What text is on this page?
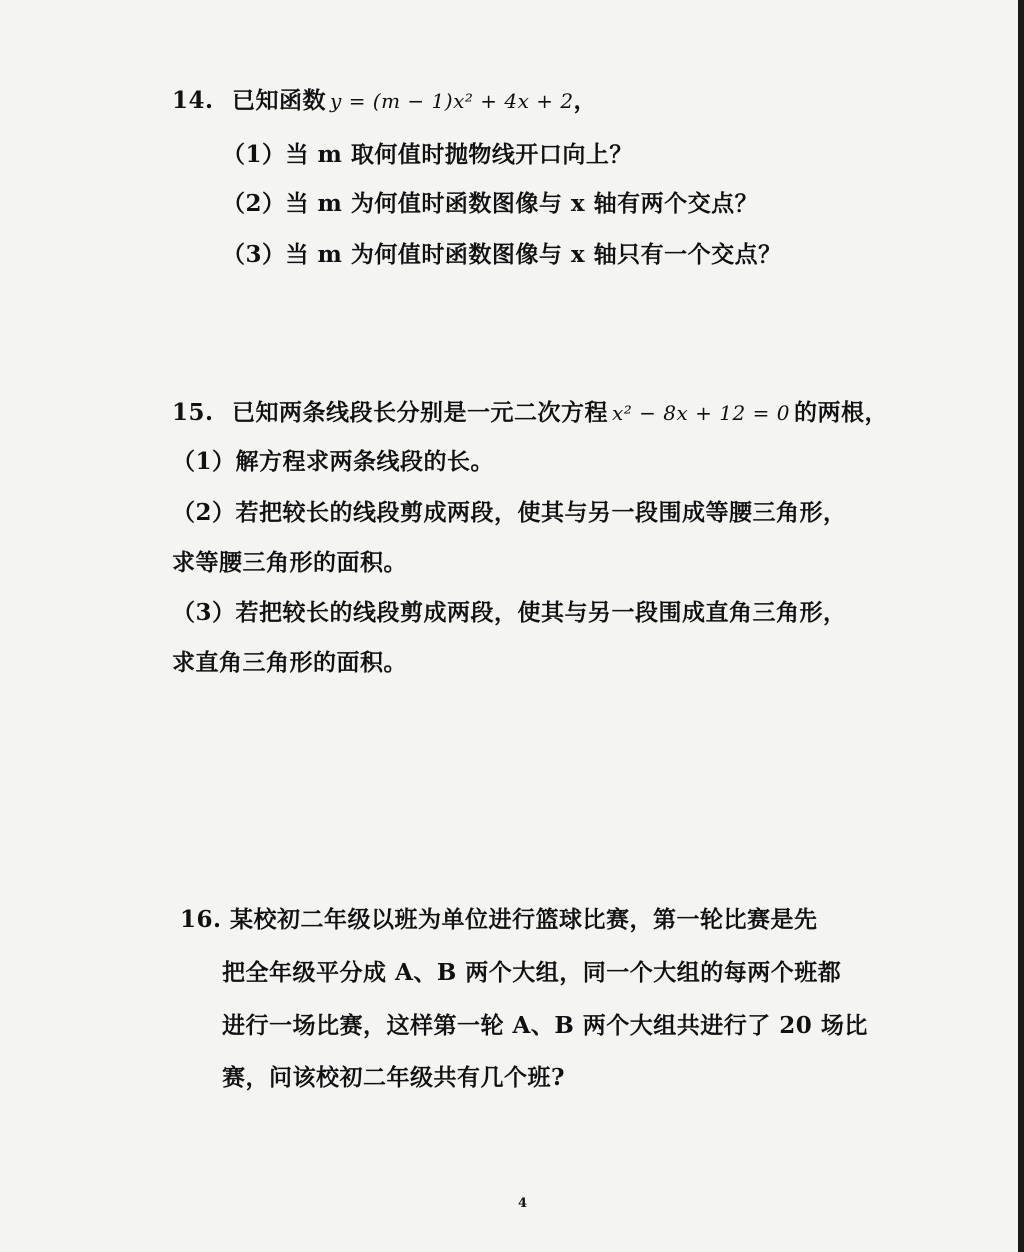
14. 已知函数 y = (m − 1)x² + 4x + 2，
（1）当 m 取何值时抛物线开口向上？
（2）当 m 为何值时函数图像与 x 轴有两个交点？
（3）当 m 为何值时函数图像与 x 轴只有一个交点？
15. 已知两条线段长分别是一元二次方程 x² − 8x + 12 = 0 的两根，
（1）解方程求两条线段的长。
（2）若把较长的线段剪成两段，使其与另一段围成等腰三角形，
求等腰三角形的面积。
（3）若把较长的线段剪成两段，使其与另一段围成直角三角形，
求直角三角形的面积。
16. 某校初二年级以班为单位进行篮球比赛，第一轮比赛是先
把全年级平分成 A、B 两个大组，同一个大组的每两个班都
进行一场比赛，这样第一轮 A、B 两个大组共进行了 20 场比
赛，问该校初二年级共有几个班?
4
